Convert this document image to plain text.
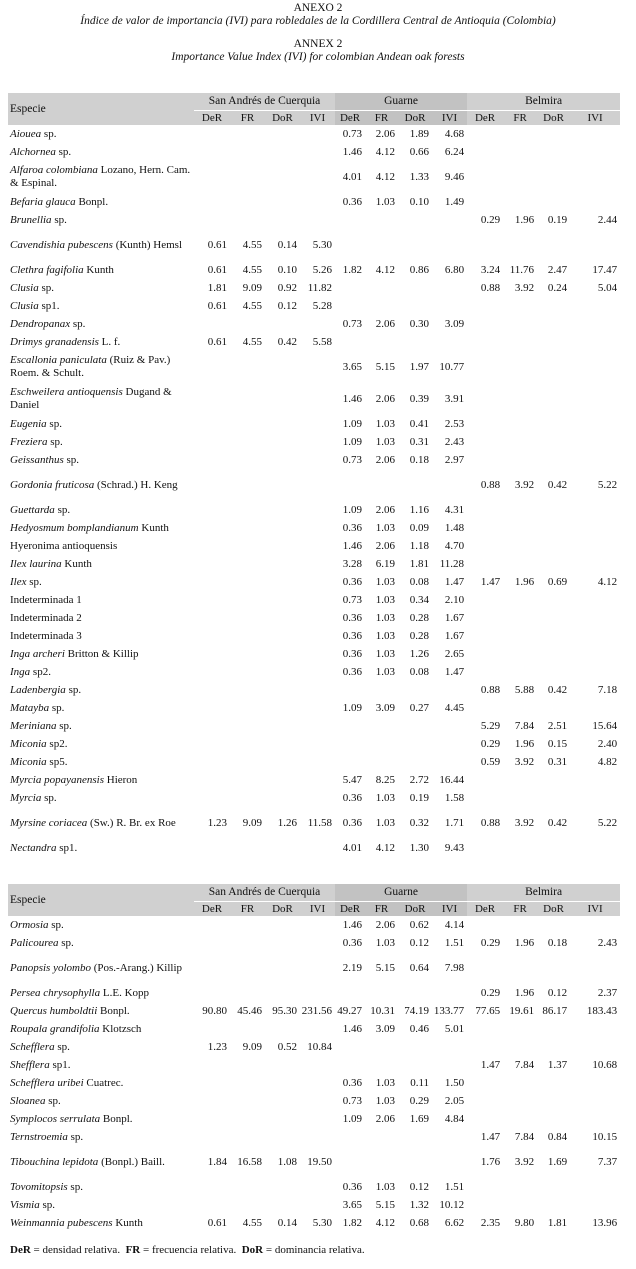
ANEXO 2
Índice de valor de importancia (IVI) para robledales de la Cordillera Central de Antioquia (Colombia)
ANNEX 2
Importance Value Index (IVI) for colombian Andean oak forests
Especie	San Andrés de Cuerquia				Guarne				Belmira			
	DeR	FR	DoR	IVI	DeR	FR	DoR	IVI	DeR	FR	DoR	IVI
Aiouea sp.					0.73	2.06	1.89	4.68				
Alchornea sp.					1.46	4.12	0.66	6.24				
Alfaroa colombiana Lozano, Hern. Cam. & Espinal.					4.01	4.12	1.33	9.46				
Befaria glauca Bonpl.					0.36	1.03	0.10	1.49				
Brunellia sp.									0.29	1.96	0.19	2.44
Cavendishia pubescens (Kunth) Hemsl	0.61	4.55	0.14	5.30								
Clethra fagifolia Kunth	0.61	4.55	0.10	5.26	1.82	4.12	0.86	6.80	3.24	11.76	2.47	17.47
Clusia sp.	1.81	9.09	0.92	11.82					0.88	3.92	0.24	5.04
Clusia sp1.	0.61	4.55	0.12	5.28								
Dendropanax sp.					0.73	2.06	0.30	3.09				
Drimys granadensis L. f.	0.61	4.55	0.42	5.58								
Escallonia paniculata (Ruiz & Pav.) Roem. & Schult.					3.65	5.15	1.97	10.77				
Eschweilera antioquensis Dugand & Daniel					1.46	2.06	0.39	3.91				
Eugenia sp.					1.09	1.03	0.41	2.53				
Freziera sp.					1.09	1.03	0.31	2.43				
Geissanthus sp.					0.73	2.06	0.18	2.97				
Gordonia fruticosa (Schrad.) H. Keng									0.88	3.92	0.42	5.22
Guettarda sp.					1.09	2.06	1.16	4.31				
Hedyosmum bomplandianum Kunth					0.36	1.03	0.09	1.48				
Hyeronima antioquensis					1.46	2.06	1.18	4.70				
Ilex laurina Kunth					3.28	6.19	1.81	11.28				
Ilex sp.					0.36	1.03	0.08	1.47	1.47	1.96	0.69	4.12
Indeterminada 1					0.73	1.03	0.34	2.10				
Indeterminada 2					0.36	1.03	0.28	1.67				
Indeterminada 3					0.36	1.03	0.28	1.67				
Inga archeri Britton & Killip					0.36	1.03	1.26	2.65				
Inga sp2.					0.36	1.03	0.08	1.47				
Ladenbergia sp.									0.88	5.88	0.42	7.18
Matayba sp.					1.09	3.09	0.27	4.45				
Meriniana sp.									5.29	7.84	2.51	15.64
Miconia sp2.									0.29	1.96	0.15	2.40
Miconia sp5.									0.59	3.92	0.31	4.82
Myrcia popayanensis Hieron					5.47	8.25	2.72	16.44				
Myrcia sp.					0.36	1.03	0.19	1.58				
Myrsine coriacea (Sw.) R. Br. ex Roe	1.23	9.09	1.26	11.58	0.36	1.03	0.32	1.71	0.88	3.92	0.42	5.22
Nectandra sp1.					4.01	4.12	1.30	9.43				
Especie	San Andrés de Cuerquia				Guarne				Belmira			
	DeR	FR	DoR	IVI	DeR	FR	DoR	IVI	DeR	FR	DoR	IVI
Ormosia sp.					1.46	2.06	0.62	4.14				
Palicourea sp.					0.36	1.03	0.12	1.51	0.29	1.96	0.18	2.43
Panopsis yolombo (Pos.-Arang.) Killip					2.19	5.15	0.64	7.98				
Persea chrysophylla L.E. Kopp									0.29	1.96	0.12	2.37
Quercus humboldtii Bonpl.	90.80	45.46	95.30	231.56	49.27	10.31	74.19	133.77	77.65	19.61	86.17	183.43
Roupala grandifolia Klotzsch					1.46	3.09	0.46	5.01				
Schefflera sp.	1.23	9.09	0.52	10.84								
Shefflera sp1.									1.47	7.84	1.37	10.68
Schefflera uribei Cuatrec.					0.36	1.03	0.11	1.50				
Sloanea sp.					0.73	1.03	0.29	2.05				
Symplocos serrulata Bonpl.					1.09	2.06	1.69	4.84				
Ternstroemia sp.									1.47	7.84	0.84	10.15
Tibouchina lepidota (Bonpl.) Baill.	1.84	16.58	1.08	19.50					1.76	3.92	1.69	7.37
Tovomitopsis sp.					0.36	1.03	0.12	1.51				
Vismia sp.					3.65	5.15	1.32	10.12				
Weinmannia pubescens Kunth	0.61	4.55	0.14	5.30	1.82	4.12	0.68	6.62	2.35	9.80	1.81	13.96
DeR = densidad relativa.  FR = frecuencia relativa.  DoR = dominancia relativa.
